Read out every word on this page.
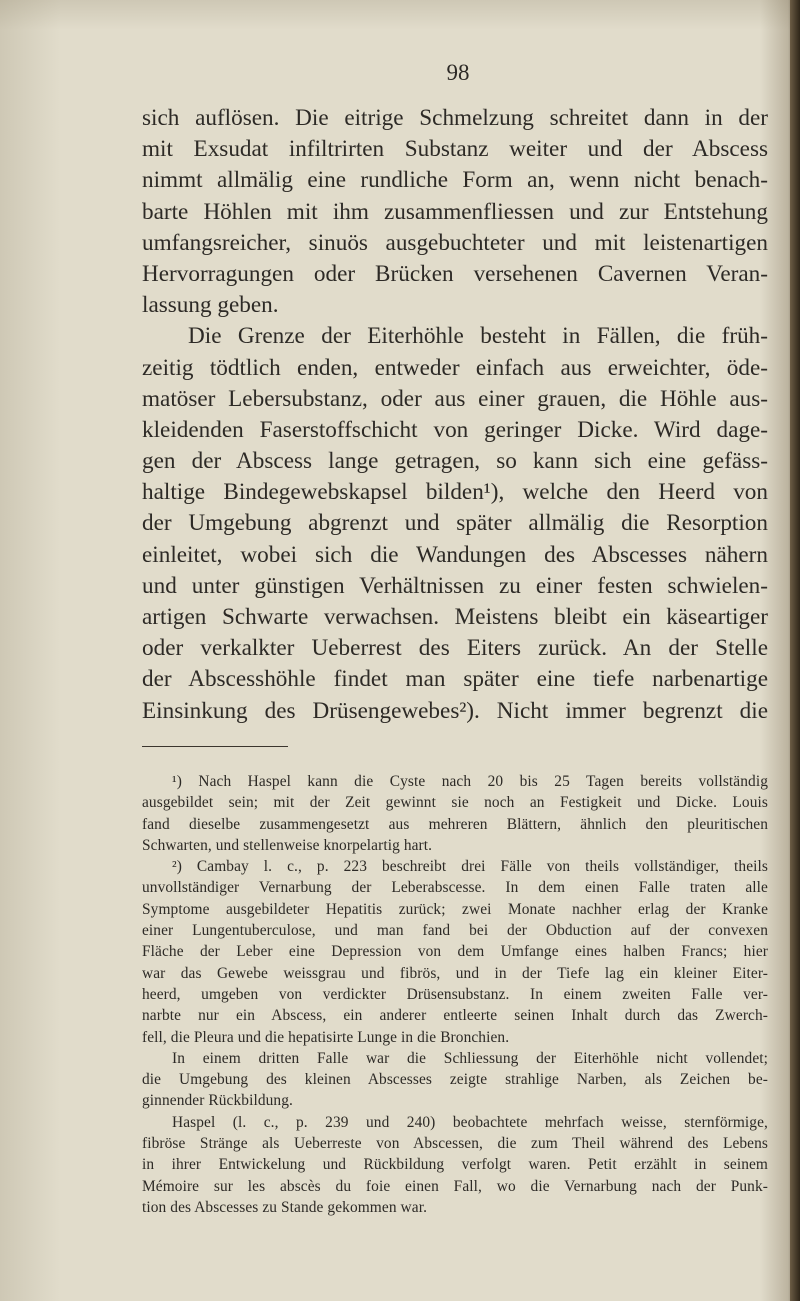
98
sich auflösen. Die eitrige Schmelzung schreitet dann in der
mit Exsudat infiltrirten Substanz weiter und der Abscess
nimmt allmälig eine rundliche Form an, wenn nicht benach-
barte Höhlen mit ihm zusammenfliessen und zur Entstehung
umfangsreicher, sinuös ausgebuchteter und mit leistenartigen
Hervorragungen oder Brücken versehenen Cavernen Veran-
lassung geben.
Die Grenze der Eiterhöhle besteht in Fällen, die früh-
zeitig tödtlich enden, entweder einfach aus erweichter, öde-
matöser Lebersubstanz, oder aus einer grauen, die Höhle aus-
kleidenden Faserstoffschicht von geringer Dicke. Wird dage-
gen der Abscess lange getragen, so kann sich eine gefäss-
haltige Bindegewebskapsel bilden¹), welche den Heerd von
der Umgebung abgrenzt und später allmälig die Resorption
einleitet, wobei sich die Wandungen des Abscesses nähern
und unter günstigen Verhältnissen zu einer festen schwielen-
artigen Schwarte verwachsen. Meistens bleibt ein käseartiger
oder verkalkter Ueberrest des Eiters zurück. An der Stelle
der Abscesshöhle findet man später eine tiefe narbenartige
Einsinkung des Drüsengewebes²). Nicht immer begrenzt die
¹) Nach Haspel kann die Cyste nach 20 bis 25 Tagen bereits vollständig
ausgebildet sein; mit der Zeit gewinnt sie noch an Festigkeit und Dicke. Louis
fand dieselbe zusammengesetzt aus mehreren Blättern, ähnlich den pleuritischen
Schwarten, und stellenweise knorpelartig hart.
²) Cambay l. c., p. 223 beschreibt drei Fälle von theils vollständiger, theils
unvollständiger Vernarbung der Leberabscesse. In dem einen Falle traten alle
Symptome ausgebildeter Hepatitis zurück; zwei Monate nachher erlag der Kranke
einer Lungentuberculose, und man fand bei der Obduction auf der convexen
Fläche der Leber eine Depression von dem Umfange eines halben Francs; hier
war das Gewebe weissgrau und fibrös, und in der Tiefe lag ein kleiner Eiter-
heerd, umgeben von verdickter Drüsensubstanz. In einem zweiten Falle ver-
narbte nur ein Abscess, ein anderer entleerte seinen Inhalt durch das Zwerch-
fell, die Pleura und die hepatisirte Lunge in die Bronchien.
In einem dritten Falle war die Schliessung der Eiterhöhle nicht vollendet;
die Umgebung des kleinen Abscesses zeigte strahlige Narben, als Zeichen be-
ginnender Rückbildung.
Haspel (l. c., p. 239 und 240) beobachtete mehrfach weisse, sternförmige,
fibröse Stränge als Ueberreste von Abscessen, die zum Theil während des Lebens
in ihrer Entwickelung und Rückbildung verfolgt waren. Petit erzählt in seinem
Mémoire sur les abscès du foie einen Fall, wo die Vernarbung nach der Punk-
tion des Abscesses zu Stande gekommen war.
